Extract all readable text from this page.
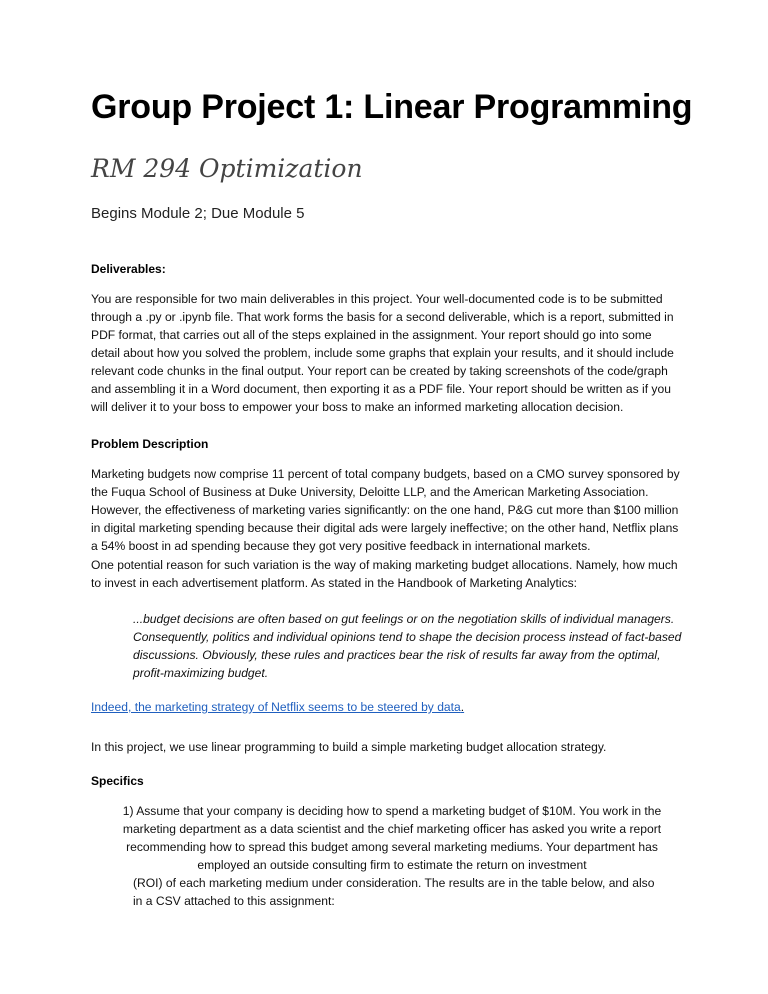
Group Project 1: Linear Programming
RM 294 Optimization
Begins Module 2; Due Module 5
Deliverables:
You are responsible for two main deliverables in this project. Your well-documented code is to be submitted through a .py or .ipynb file. That work forms the basis for a second deliverable, which is a report, submitted in PDF format, that carries out all of the steps explained in the assignment. Your report should go into some detail about how you solved the problem, include some graphs that explain your results, and it should include relevant code chunks in the final output. Your report can be created by taking screenshots of the code/graph and assembling it in a Word document, then exporting it as a PDF file. Your report should be written as if you will deliver it to your boss to empower your boss to make an informed marketing allocation decision.
Problem Description
Marketing budgets now comprise 11 percent of total company budgets, based on a CMO survey sponsored by the Fuqua School of Business at Duke University, Deloitte LLP, and the American Marketing Association. However, the effectiveness of marketing varies significantly: on the one hand, P&G cut more than $100 million in digital marketing spending because their digital ads were largely ineffective; on the other hand, Netflix plans a 54% boost in ad spending because they got very positive feedback in international markets.
One potential reason for such variation is the way of making marketing budget allocations. Namely, how much to invest in each advertisement platform. As stated in the Handbook of Marketing Analytics:
...budget decisions are often based on gut feelings or on the negotiation skills of individual managers. Consequently, politics and individual opinions tend to shape the decision process instead of fact-based discussions. Obviously, these rules and practices bear the risk of results far away from the optimal, profit-maximizing budget.
Indeed, the marketing strategy of Netflix seems to be steered by data.
In this project, we use linear programming to build a simple marketing budget allocation strategy.
Specifics
1) Assume that your company is deciding how to spend a marketing budget of $10M. You work in the
marketing department as a data scientist and the chief marketing officer has asked you write a report
recommending how to spread this budget among several marketing mediums. Your department has
employed an outside consulting firm to estimate the return on investment
(ROI) of each marketing medium under consideration. The results are in the table below, and also
in a CSV attached to this assignment:
